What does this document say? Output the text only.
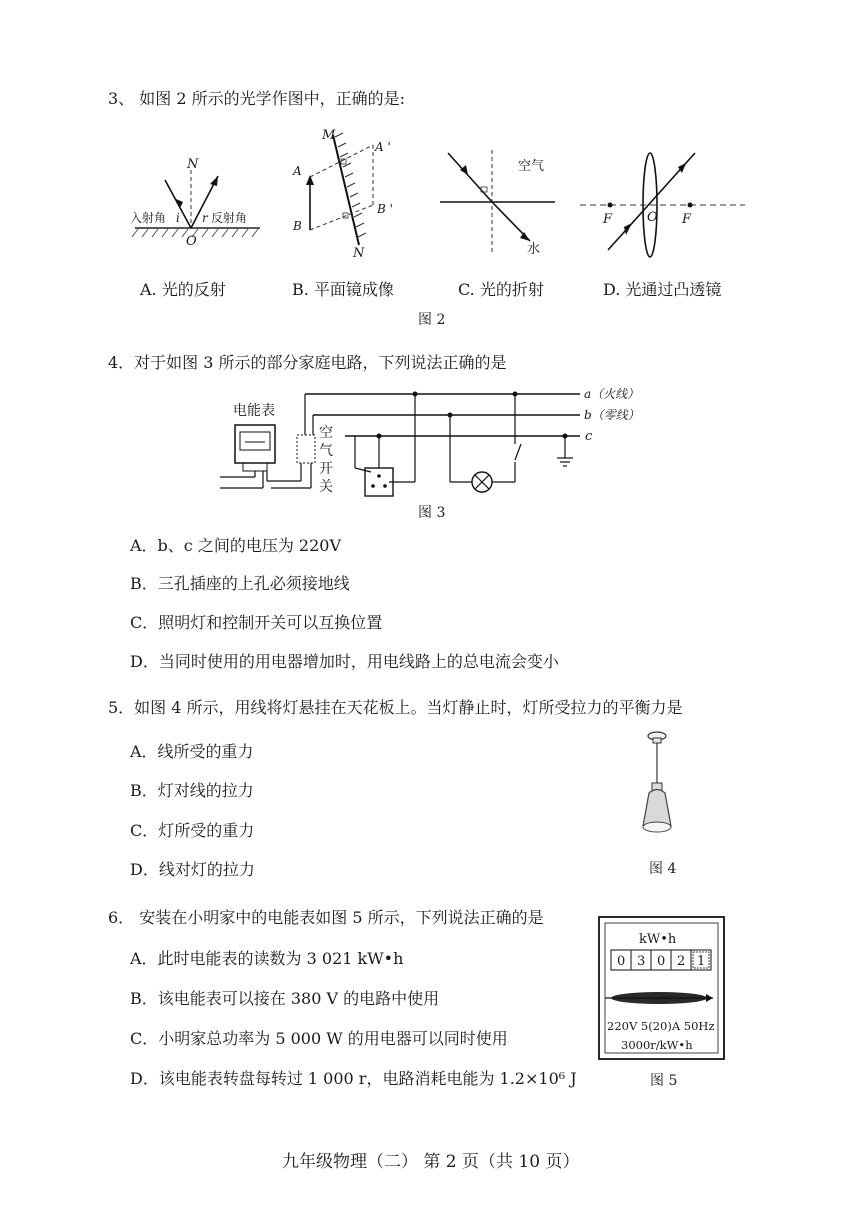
3、 如图 2 所示的光学作图中，正确的是:
N
O
i r
入射角	反射角
M
A
A '
B
B '
N
空气
水
F	O F
A. 光的反射	B. 平面镜成像	C. 光的折射	D. 光通过凸透镜
图 2
4．对于如图 3 所示的部分家庭电路，下列说法正确的是
电能表
空
气
开
关
a（火线）
b（零线）
c
图 3
A．b、c 之间的电压为 220V
B．三孔插座的上孔必须接地线
C．照明灯和控制开关可以互换位置
D．当同时使用的用电器增加时，用电线路上的总电流会变小
5．如图 4 所示，用线将灯悬挂在天花板上。当灯静止时，灯所受拉力的平衡力是
A．线所受的重力
B．灯对线的拉力
C．灯所受的重力
D．线对灯的拉力	图 4
6． 安装在小明家中的电能表如图 5 所示，下列说法正确的是
A．此时电能表的读数为 3 021 kW•h
B．该电能表可以接在 380 V 的电路中使用
C．小明家总功率为 5 000 W 的用电器可以同时使用
D．该电能表转盘每转过 1 000 r，电路消耗电能为 1.2×10⁶ J
kW•h
0 3 0 2 1
220V 5(20)A 50Hz
3000r/kW•h
图 5
九年级物理（二） 第 2 页（共 10 页）
